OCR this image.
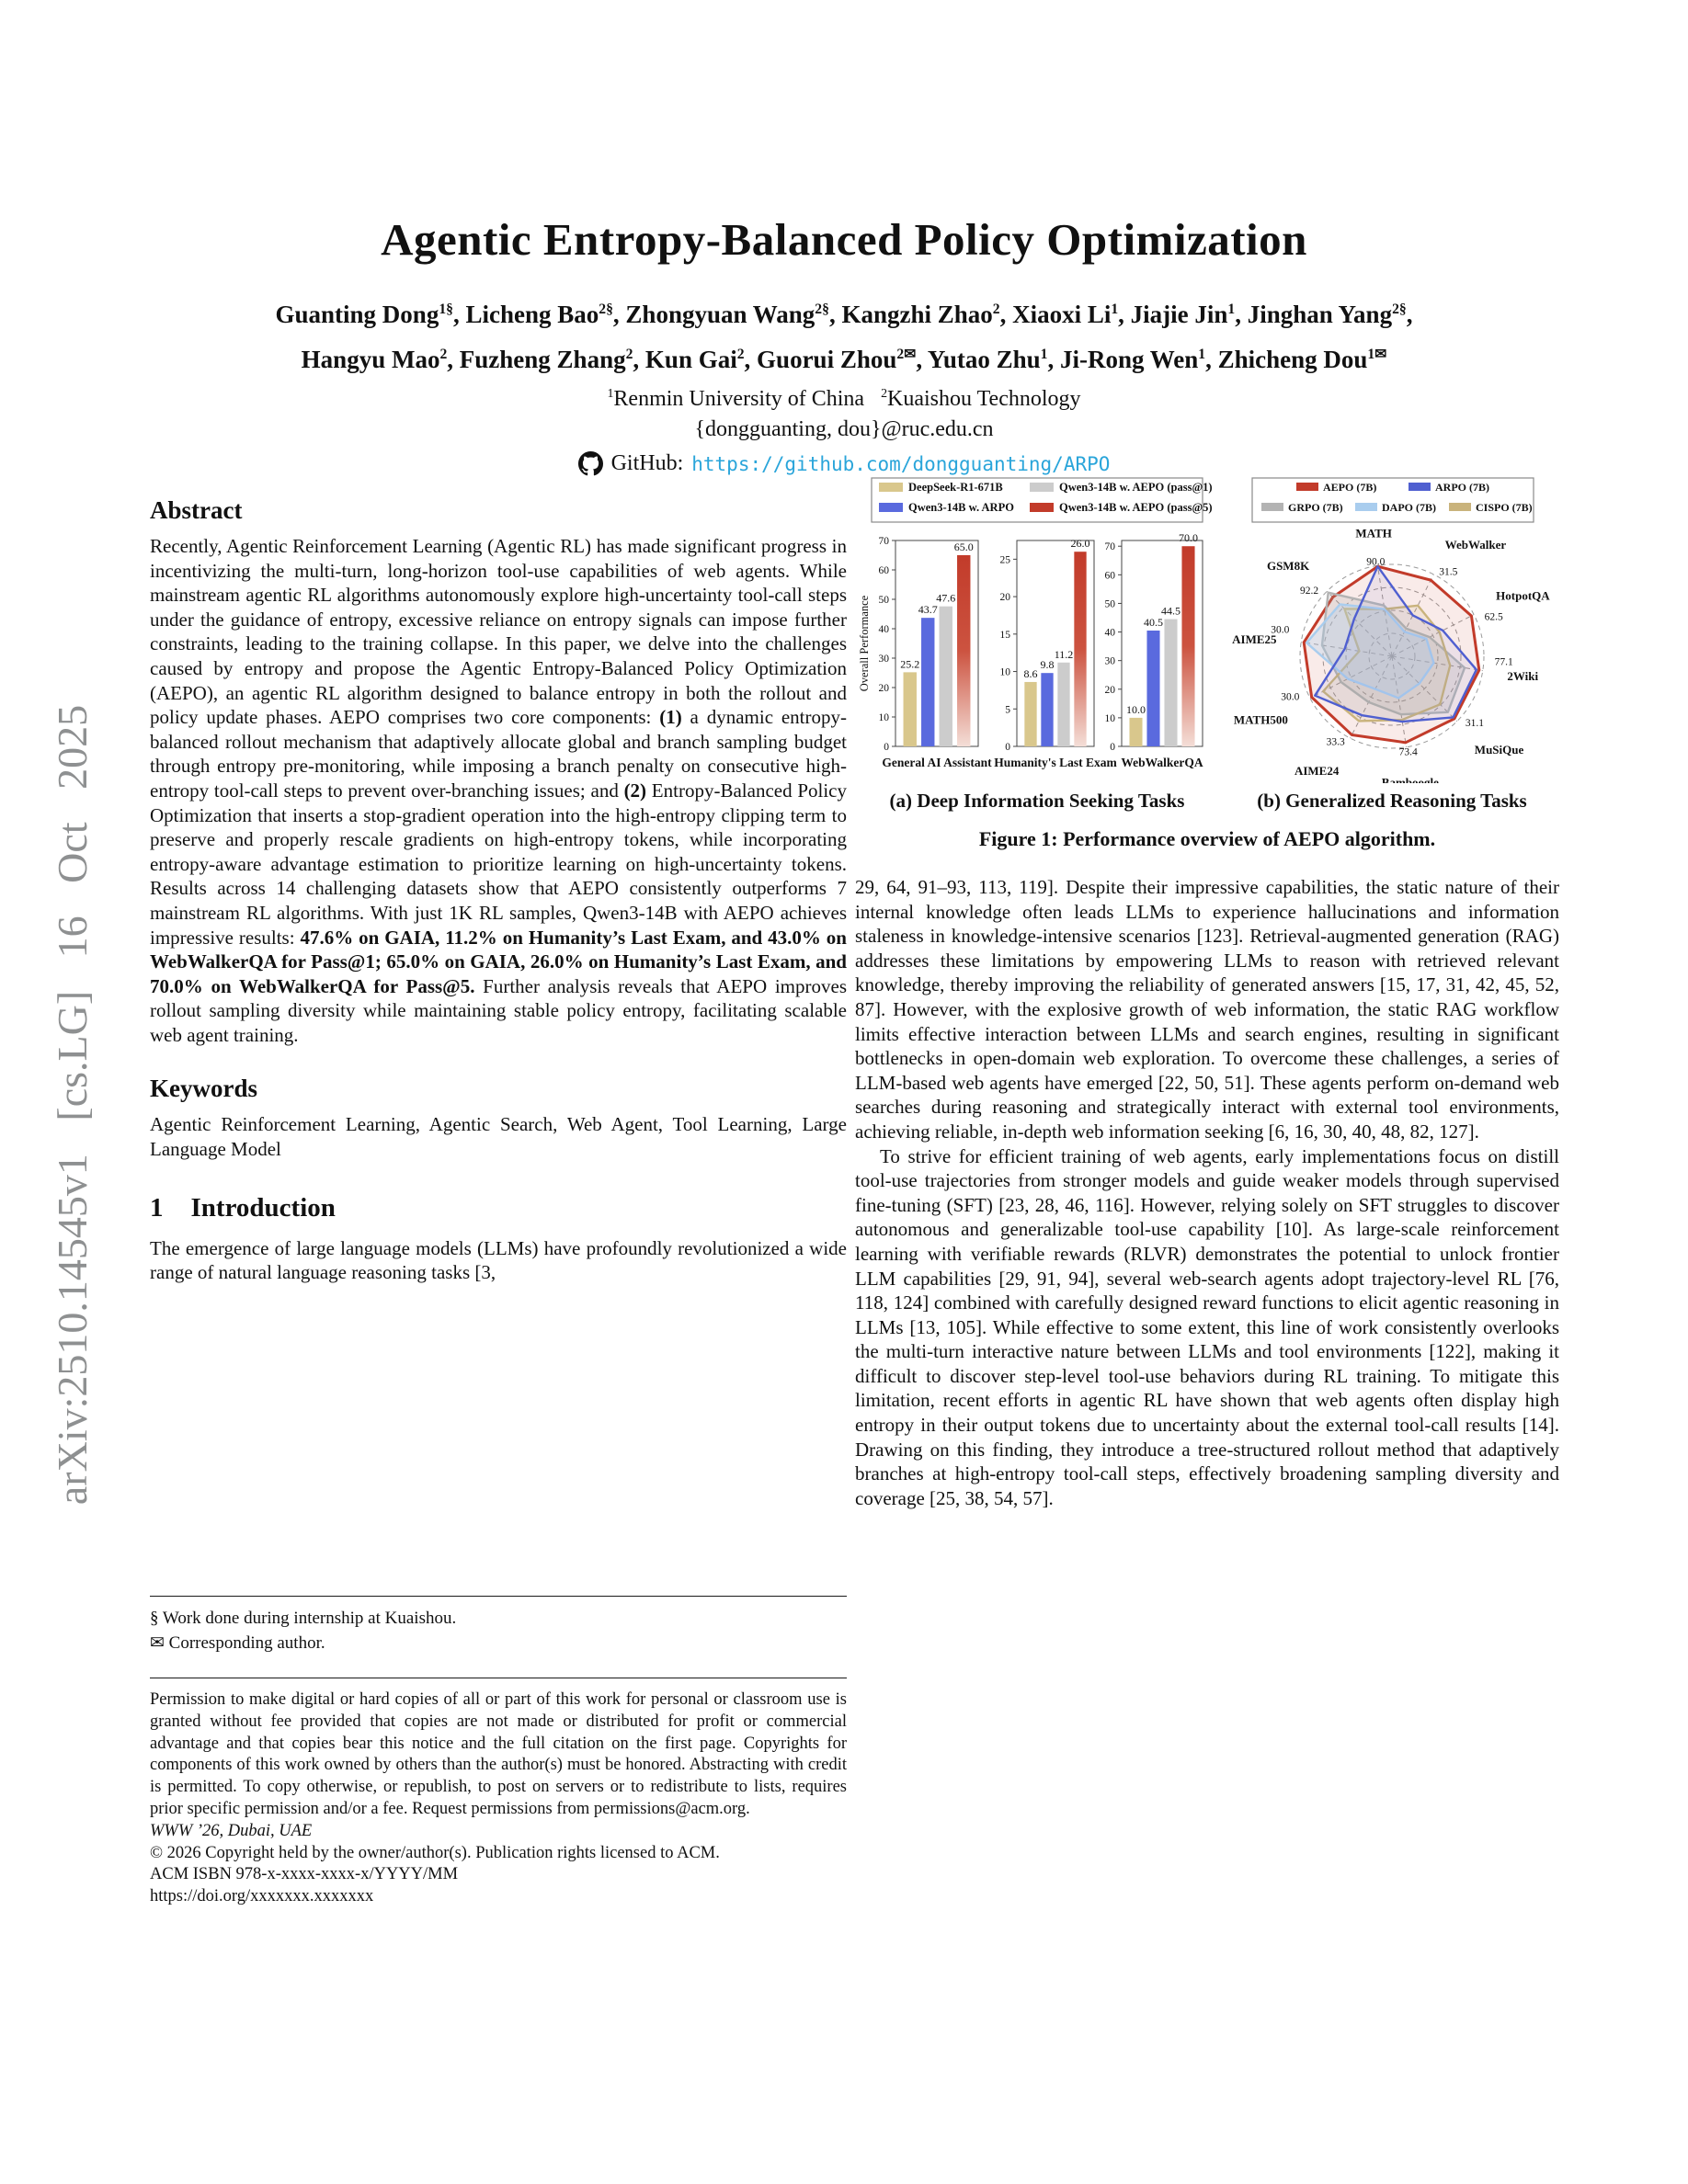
arXiv:2510.14545v1 [cs.LG] 16 Oct 2025
Agentic Entropy-Balanced Policy Optimization
Guanting Dong$^{1\S}$, Licheng Bao$^{2\S}$, Zhongyuan Wang$^{2\S}$, Kangzhi Zhao$^2$, Xiaoxi Li$^1$, Jiajie Jin$^1$, Jinghan Yang$^{2\S}$,
Hangyu Mao$^2$, Fuzheng Zhang$^2$, Kun Gai$^2$, Guorui Zhou$^{2✉}$, Yutao Zhu$^1$, Ji-Rong Wen$^1$, Zhicheng Dou$^{1✉}$
$^1$Renmin University of China   $^2$Kuaishou Technology
{dongguanting, dou}@ruc.edu.cn
GitHub: https://github.com/dongguanting/ARPO
Abstract

Recently, Agentic Reinforcement Learning (Agentic RL) has made significant progress in incentivizing the multi-turn, long-horizon tool-use capabilities of web agents. While mainstream agentic RL algorithms autonomously explore high-uncertainty tool-call steps under the guidance of entropy, excessive reliance on entropy signals can impose further constraints, leading to the training collapse. In this paper, we delve into the challenges caused by entropy and propose the Agentic Entropy-Balanced Policy Optimization (AEPO), an agentic RL algorithm designed to balance entropy in both the rollout and policy update phases. AEPO comprises two core components: (1) a dynamic entropy-balanced rollout mechanism that adaptively allocate global and branch sampling budget through entropy pre-monitoring, while imposing a branch penalty on consecutive high-entropy tool-call steps to prevent over-branching issues; and (2) Entropy-Balanced Policy Optimization that inserts a stop-gradient operation into the high-entropy clipping term to preserve and properly rescale gradients on high-entropy tokens, while incorporating entropy-aware advantage estimation to prioritize learning on high-uncertainty tokens. Results across 14 challenging datasets show that AEPO consistently outperforms 7 mainstream RL algorithms. With just 1K RL samples, Qwen3-14B with AEPO achieves impressive results: 47.6% on GAIA, 11.2% on Humanity’s Last Exam, and 43.0% on WebWalkerQA for Pass@1; 65.0% on GAIA, 26.0% on Humanity’s Last Exam, and 70.0% on WebWalkerQA for Pass@5. Further analysis reveals that AEPO improves rollout sampling diversity while maintaining stable policy entropy, facilitating scalable web agent training.

Keywords

Agentic Reinforcement Learning, Agentic Search, Web Agent, Tool Learning, Large Language Model

1 Introduction

The emergence of large language models (LLMs) have profoundly revolutionized a wide range of natural language reasoning tasks [3,

§ Work done during internship at Kuaishou.

✉ Corresponding author.

Permission to make digital or hard copies of all or part of this work for personal or classroom use is granted without fee provided that copies are not made or distributed for profit or commercial advantage and that copies bear this notice and the full citation on the first page. Copyrights for components of this work owned by others than the author(s) must be honored. Abstracting with credit is permitted. To copy otherwise, or republish, to post on servers or to redistribute to lists, requires prior specific permission and/or a fee. Request permissions from permissions@acm.org.

WWW ’26, Dubai, UAE

© 2026 Copyright held by the owner/author(s). Publication rights licensed to ACM.

ACM ISBN 978-x-xxxx-xxxx-x/YYYY/MM

https://doi.org/xxxxxxx.xxxxxxx

DeepSeek-R1-671B
Qwen3-14B w. ARPO
Qwen3-14B w. AEPO (pass@1)
Qwen3-14B w. AEPO (pass@5)
0
10
20
30
40
50
60
70
25.2
43.7
47.6
65.0
General AI Assistant
0
5
10
15
20
25
8.6
9.8
11.2
26.0
Humanity's Last Exam
0
10
20
30
40
50
60
70
10.0
40.5
44.5
70.0
WebWalkerQA
Overall Performance
(a) Deep Information Seeking Tasks
AEPO (7B)	ARPO (7B)
GRPO (7B)	DAPO (7B)	CISPO (7B)
MATH
90.0
WebWalker
31.5
HotpotQA
62.5
2Wiki
77.1
MuSiQue
31.1
Bamboogle
73.4
AIME24
33.3
MATH500
30.0
AIME25
30.0
GSM8K
92.2
(b) Generalized Reasoning Tasks
Figure 1: Performance overview of AEPO algorithm.

29, 64, 91–93, 113, 119]. Despite their impressive capabilities, the static nature of their internal knowledge often leads LLMs to experience hallucinations and information staleness in knowledge-intensive scenarios [123]. Retrieval-augmented generation (RAG) addresses these limitations by empowering LLMs to reason with retrieved relevant knowledge, thereby improving the reliability of generated answers [15, 17, 31, 42, 45, 52, 87]. However, with the explosive growth of web information, the static RAG workflow limits effective interaction between LLMs and search engines, resulting in significant bottlenecks in open-domain web exploration. To overcome these challenges, a series of LLM-based web agents have emerged [22, 50, 51]. These agents perform on-demand web searches during reasoning and strategically interact with external tool environments, achieving reliable, in-depth web information seeking [6, 16, 30, 40, 48, 82, 127].

To strive for efficient training of web agents, early implementations focus on distill tool-use trajectories from stronger models and guide weaker models through supervised fine-tuning (SFT) [23, 28, 46, 116]. However, relying solely on SFT struggles to discover autonomous and generalizable tool-use capability [10]. As large-scale reinforcement learning with verifiable rewards (RLVR) demonstrates the potential to unlock frontier LLM capabilities [29, 91, 94], several web-search agents adopt trajectory-level RL [76, 118, 124] combined with carefully designed reward functions to elicit agentic reasoning in LLMs [13, 105]. While effective to some extent, this line of work consistently overlooks the multi-turn interactive nature between LLMs and tool environments [122], making it difficult to discover step-level tool-use behaviors during RL training. To mitigate this limitation, recent efforts in agentic RL have shown that web agents often display high entropy in their output tokens due to uncertainty about the external tool-call results [14]. Drawing on this finding, they introduce a tree-structured rollout method that adaptively branches at high-entropy tool-call steps, effectively broadening sampling diversity and coverage [25, 38, 54, 57].
